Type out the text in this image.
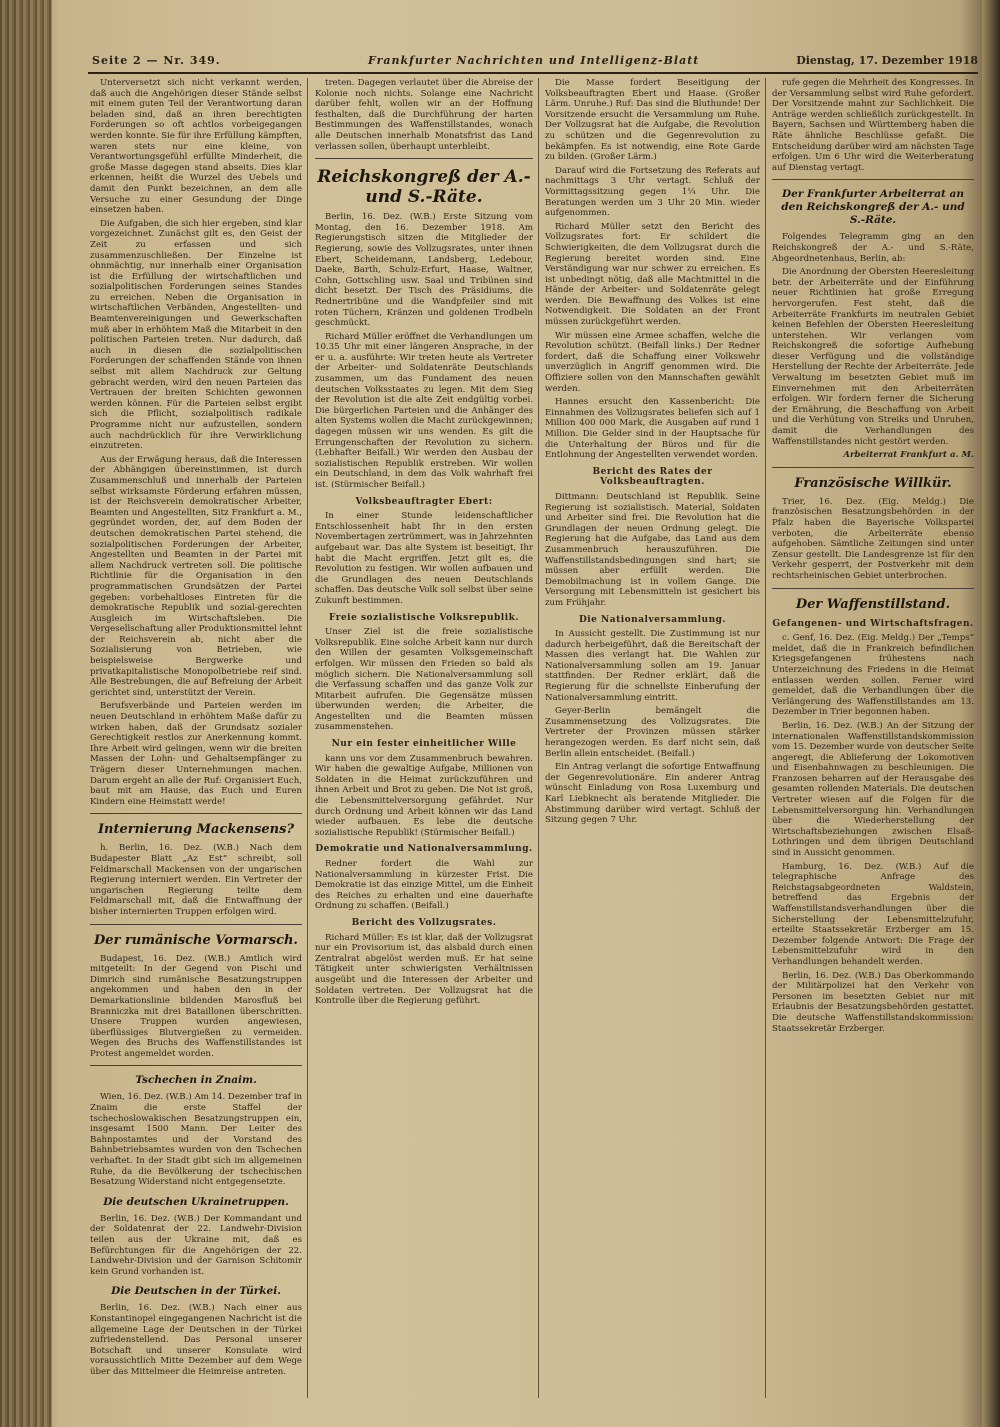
Seite 2 — Nr. 349.	Frankfurter Nachrichten und Intelligenz-Blatt	Dienstag, 17. Dezember 1918

Unterversetzt sich nicht verkannt werden, daß auch die Angehörigen dieser Stände selbst mit einem guten Teil der Verantwortung daran beladen sind, daß an ihren berechtigten Forderungen so oft achtlos vorbeigegangen werden konnte. Sie für ihre Erfüllung kämpften, waren stets nur eine kleine, von Verantwortungsgefühl erfüllte Minderheit, die große Masse dagegen stand abseits. Dies klar erkennen, heißt die Wurzel des Uebels und damit den Punkt bezeichnen, an dem alle Versuche zu einer Gesundung der Dinge einsetzen haben.

Die Aufgaben, die sich hier ergeben, sind klar vorgezeichnet. Zunächst gilt es, den Geist der Zeit zu erfassen und sich zusammenzuschließen. Der Einzelne ist ohnmächtig, nur innerhalb einer Organisation ist die Erfüllung der wirtschaftlichen und sozialpolitischen Forderungen seines Standes zu erreichen. Neben die Organisation in wirtschaftlichen Verbänden, Angestellten- und Beamtenvereinigungen und Gewerkschaften muß aber in erhöhtem Maß die Mitarbeit in den politischen Parteien treten. Nur dadurch, daß auch in diesen die sozialpolitischen Forderungen der schaffenden Stände von ihnen selbst mit allem Nachdruck zur Geltung gebracht werden, wird den neuen Parteien das Vertrauen der breiten Schichten gewonnen werden können. Für die Parteien selbst ergibt sich die Pflicht, sozialpolitisch radikale Programme nicht nur aufzustellen, sondern auch nachdrücklich für ihre Verwirklichung einzutreten.

Aus der Erwägung heraus, daß die Interessen der Abhängigen übereinstimmen, ist durch Zusammenschluß und innerhalb der Parteien selbst wirksamste Förderung erfahren müssen, ist der Reichsverein demokratischer Arbeiter, Beamten und Angestellten, Sitz Frankfurt a. M., gegründet worden, der, auf dem Boden der deutschen demokratischen Partei stehend, die sozialpolitischen Forderungen der Arbeiter, Angestellten und Beamten in der Partei mit allem Nachdruck vertreten soll. Die politische Richtlinie für die Organisation in den programmatischen Grundsätzen der Partei gegeben: vorbehaltloses Eintreten für die demokratische Republik und sozial-gerechten Ausgleich im Wirtschaftsleben. Die Vergesellschaftung aller Produktionsmittel lehnt der Reichsverein ab, nicht aber die Sozialisierung von Betrieben, wie beispielsweise Bergwerke und privatkapitalistische Monopolbetriebe reif sind. Alle Bestrebungen, die auf Befreiung der Arbeit gerichtet sind, unterstützt der Verein.

Berufsverbände und Parteien werden im neuen Deutschland in erhöhtem Maße dafür zu wirken haben, daß der Grundsatz sozialer Gerechtigkeit restlos zur Anerkennung kommt. Ihre Arbeit wird gelingen, wenn wir die breiten Massen der Lohn- und Gehaltsempfänger zu Trägern dieser Unternehmungen machen. Darum ergeht an alle der Ruf: Organisiert Euch, baut mit am Hause, das Euch und Euren Kindern eine Heimstatt werde!

Internierung Mackensens?

h. Berlin, 16. Dez. (W.B.) Nach dem Budapester Blatt „Az Est“ schreibt, soll Feldmarschall Mackensen von der ungarischen Regierung interniert werden. Ein Vertreter der ungarischen Regierung teilte dem Feldmarschall mit, daß die Entwaffnung der bisher internierten Truppen erfolgen wird.

Der rumänische Vormarsch.

Budapest, 16. Dez. (W.B.) Amtlich wird mitgeteilt: In der Gegend von Pischi und Dimrich sind rumänische Besatzungstruppen angekommen und haben den in der Demarkationslinie bildenden Marosfluß bei Branniczka mit drei Bataillonen überschritten. Unsere Truppen wurden angewiesen, überflüssiges Blutvergießen zu vermeiden. Wegen des Bruchs des Waffenstillstandes ist Protest angemeldet worden.

Tschechen in Znaim.

Wien, 16. Dez. (W.B.) Am 14. Dezember traf in Znaim die erste Staffel der tschechoslowakischen Besatzungstruppen ein, insgesamt 1500 Mann. Der Leiter des Bahnpostamtes und der Vorstand des Bahnbetriebsamtes wurden von den Tschechen verhaftet. In der Stadt gibt sich im allgemeinen Ruhe, da die Bevölkerung der tschechischen Besatzung Widerstand nicht entgegensetzte.

Die deutschen Ukrainetruppen.

Berlin, 16. Dez. (W.B.) Der Kommandant und der Soldatenrat der 22. Landwehr-Division teilen aus der Ukraine mit, daß es Befürchtungen für die Angehörigen der 22. Landwehr-Division und der Garnison Schitomir kein Grund vorhanden ist.

Die Deutschen in der Türkei.

Berlin, 16. Dez. (W.B.) Nach einer aus Konstantinopel eingegangenen Nachricht ist die allgemeine Lage der Deutschen in der Türkei zufriedenstellend. Das Personal unserer Botschaft und unserer Konsulate wird voraussichtlich Mitte Dezember auf dem Wege über das Mittelmeer die Heimreise antreten.

treten. Dagegen verlautet über die Abreise der Kolonie noch nichts. Solange eine Nachricht darüber fehlt, wollen wir an der Hoffnung festhalten, daß die Durchführung der harten Bestimmungen des Waffenstillstandes, wonach alle Deutschen innerhalb Monatsfrist das Land verlassen sollen, überhaupt unterbleibt.

Reichskongreß der A.- und S.-Räte.

Berlin, 16. Dez. (W.B.) Erste Sitzung vom Montag, den 16. Dezember 1918. Am Regierungstisch sitzen die Mitglieder der Regierung, sowie des Vollzugsrates, unter ihnen Ebert, Scheidemann, Landsberg, Ledebour, Daeke, Barth, Schulz-Erfurt, Haase, Waltner, Cohn, Gottschling usw. Saal und Tribünen sind dicht besetzt. Der Tisch des Präsidiums, die Rednertribüne und die Wandpfeiler sind mit roten Tüchern, Kränzen und goldenen Trodbeln geschmückt.

Richard Müller eröffnet die Verhandlungen um 10.35 Uhr mit einer längeren Ansprache, in der er u. a. ausführte: Wir treten heute als Vertreter der Arbeiter- und Soldatenräte Deutschlands zusammen, um das Fundament des neuen deutschen Volksstaates zu legen. Mit dem Sieg der Revolution ist die alte Zeit endgültig vorbei. Die bürgerlichen Parteien und die Anhänger des alten Systems wollen die Macht zurückgewinnen; dagegen müssen wir uns wenden. Es gilt die Errungenschaften der Revolution zu sichern. (Lebhafter Beifall.) Wir werden den Ausbau der sozialistischen Republik erstreben. Wir wollen ein Deutschland, in dem das Volk wahrhaft frei ist. (Stürmischer Beifall.)

Volksbeauftragter Ebert:

In einer Stunde leidenschaftlicher Entschlossenheit habt Ihr in den ersten Novembertagen zertrümmert, was in Jahrzehnten aufgebaut war. Das alte System ist beseitigt, Ihr habt die Macht ergriffen. Jetzt gilt es, die Revolution zu festigen. Wir wollen aufbauen und die Grundlagen des neuen Deutschlands schaffen. Das deutsche Volk soll selbst über seine Zukunft bestimmen.

Freie sozialistische Volksrepublik.

Unser Ziel ist die freie sozialistische Volksrepublik. Eine solche Arbeit kann nur durch den Willen der gesamten Volksgemeinschaft erfolgen. Wir müssen den Frieden so bald als möglich sichern. Die Nationalversammlung soll die Verfassung schaffen und das ganze Volk zur Mitarbeit aufrufen. Die Gegensätze müssen überwunden werden; die Arbeiter, die Angestellten und die Beamten müssen zusammenstehen.

Nur ein fester einheitlicher Wille

kann uns vor dem Zusammenbruch bewahren. Wir haben die gewaltige Aufgabe, Millionen von Soldaten in die Heimat zurückzuführen und ihnen Arbeit und Brot zu geben. Die Not ist groß, die Lebensmittelversorgung gefährdet. Nur durch Ordnung und Arbeit können wir das Land wieder aufbauen. Es lebe die deutsche sozialistische Republik! (Stürmischer Beifall.)

Demokratie und Nationalversammlung.

Redner fordert die Wahl zur Nationalversammlung in kürzester Frist. Die Demokratie ist das einzige Mittel, um die Einheit des Reiches zu erhalten und eine dauerhafte Ordnung zu schaffen. (Beifall.)

Bericht des Vollzugsrates.

Richard Müller: Es ist klar, daß der Vollzugsrat nur ein Provisorium ist, das alsbald durch einen Zentralrat abgelöst werden muß. Er hat seine Tätigkeit unter schwierigsten Verhältnissen ausgeübt und die Interessen der Arbeiter und Soldaten vertreten. Der Vollzugsrat hat die Kontrolle über die Regierung geführt.

Die Masse fordert Beseitigung der Volksbeauftragten Ebert und Haase. (Großer Lärm. Unruhe.) Ruf: Das sind die Bluthunde! Der Vorsitzende ersucht die Versammlung um Ruhe. Der Vollzugsrat hat die Aufgabe, die Revolution zu schützen und die Gegenrevolution zu bekämpfen. Es ist notwendig, eine Rote Garde zu bilden. (Großer Lärm.)

Darauf wird die Fortsetzung des Referats auf nachmittags 3 Uhr vertagt. Schluß der Vormittagssitzung gegen 1¼ Uhr. Die Beratungen werden um 3 Uhr 20 Min. wieder aufgenommen.

Richard Müller setzt den Bericht des Vollzugsrates fort: Er schildert die Schwierigkeiten, die dem Vollzugsrat durch die Regierung bereitet worden sind. Eine Verständigung war nur schwer zu erreichen. Es ist unbedingt nötig, daß alle Machtmittel in die Hände der Arbeiter- und Soldatenräte gelegt werden. Die Bewaffnung des Volkes ist eine Notwendigkeit. Die Soldaten an der Front müssen zurückgeführt werden.

Wir müssen eine Armee schaffen, welche die Revolution schützt. (Beifall links.) Der Redner fordert, daß die Schaffung einer Volkswehr unverzüglich in Angriff genommen wird. Die Offiziere sollen von den Mannschaften gewählt werden.

Hannes ersucht den Kassenbericht: Die Einnahmen des Vollzugsrates beliefen sich auf 1 Million 400 000 Mark, die Ausgaben auf rund 1 Million. Die Gelder sind in der Hauptsache für die Unterhaltung der Büros und für die Entlohnung der Angestellten verwendet worden.

Bericht des Rates der Volksbeauftragten.

Dittmann: Deutschland ist Republik. Seine Regierung ist sozialistisch. Material, Soldaten und Arbeiter sind frei. Die Revolution hat die Grundlagen der neuen Ordnung gelegt. Die Regierung hat die Aufgabe, das Land aus dem Zusammenbruch herauszuführen. Die Waffenstillstandsbedingungen sind hart; sie müssen aber erfüllt werden. Die Demobilmachung ist in vollem Gange. Die Versorgung mit Lebensmitteln ist gesichert bis zum Frühjahr.

Die Nationalversammlung.

In Aussicht gestellt. Die Zustimmung ist nur dadurch herbeigeführt, daß die Bereitschaft der Massen dies verlangt hat. Die Wahlen zur Nationalversammlung sollen am 19. Januar stattfinden. Der Redner erklärt, daß die Regierung für die schnellste Einberufung der Nationalversammlung eintritt.

Geyer-Berlin bemängelt die Zusammensetzung des Vollzugsrates. Die Vertreter der Provinzen müssen stärker herangezogen werden. Es darf nicht sein, daß Berlin allein entscheidet. (Beifall.)

Ein Antrag verlangt die sofortige Entwaffnung der Gegenrevolutionäre. Ein anderer Antrag wünscht Einladung von Rosa Luxemburg und Karl Liebknecht als beratende Mitglieder. Die Abstimmung darüber wird vertagt. Schluß der Sitzung gegen 7 Uhr.

rufe gegen die Mehrheit des Kongresses. In der Versammlung selbst wird Ruhe gefordert. Der Vorsitzende mahnt zur Sachlichkeit. Die Anträge werden schließlich zurückgestellt. In Bayern, Sachsen und Württemberg haben die Räte ähnliche Beschlüsse gefaßt. Die Entscheidung darüber wird am nächsten Tage erfolgen. Um 6 Uhr wird die Weiterberatung auf Dienstag vertagt.

Der Frankfurter Arbeiterrat an den Reichskongreß der A.- und S.-Räte.

Folgendes Telegramm ging an den Reichskongreß der A.- und S.-Räte, Abgeordnetenhaus, Berlin, ab:

Die Anordnung der Obersten Heeresleitung betr. der Arbeiterräte und der Einführung neuer Richtlinien hat große Erregung hervorgerufen. Fest steht, daß die Arbeiterräte Frankfurts im neutralen Gebiet keinen Befehlen der Obersten Heeresleitung unterstehen. Wir verlangen vom Reichskongreß die sofortige Aufhebung dieser Verfügung und die vollständige Herstellung der Rechte der Arbeiterräte. Jede Verwaltung im besetzten Gebiet muß im Einvernehmen mit den Arbeiterräten erfolgen. Wir fordern ferner die Sicherung der Ernährung, die Beschaffung von Arbeit und die Verhütung von Streiks und Unruhen, damit die Verhandlungen des Waffenstillstandes nicht gestört werden.

Arbeiterrat Frankfurt a. M.
Französische Willkür.

Trier, 16. Dez. (Eig. Meldg.) Die französischen Besatzungsbehörden in der Pfalz haben die Bayerische Volkspartei verboten, die Arbeiterräte ebenso aufgehoben. Sämtliche Zeitungen sind unter Zensur gestellt. Die Landesgrenze ist für den Verkehr gesperrt, der Postverkehr mit dem rechtsrheinischen Gebiet unterbrochen.

Der Waffenstillstand.
Gefangenen- und Wirtschaftsfragen.

c. Genf, 16. Dez. (Eig. Meldg.) Der „Temps“ meldet, daß die in Frankreich befindlichen Kriegsgefangenen frühestens nach Unterzeichnung des Friedens in die Heimat entlassen werden sollen. Ferner wird gemeldet, daß die Verhandlungen über die Verlängerung des Waffenstillstandes am 13. Dezember in Trier begonnen haben.

Berlin, 16. Dez. (W.B.) An der Sitzung der internationalen Waffenstillstandskommission vom 15. Dezember wurde von deutscher Seite angeregt, die Ablieferung der Lokomotiven und Eisenbahnwagen zu beschleunigen. Die Franzosen beharren auf der Herausgabe des gesamten rollenden Materials. Die deutschen Vertreter wiesen auf die Folgen für die Lebensmittelversorgung hin. Verhandlungen über die Wiederherstellung der Wirtschaftsbeziehungen zwischen Elsaß-Lothringen und dem übrigen Deutschland sind in Aussicht genommen.

Hamburg, 16. Dez. (W.B.) Auf die telegraphische Anfrage des Reichstagsabgeordneten Waldstein, betreffend das Ergebnis der Waffenstillstandsverhandlungen über die Sicherstellung der Lebensmittelzufuhr, erteilte Staatssekretär Erzberger am 15. Dezember folgende Antwort: Die Frage der Lebensmittelzufuhr wird in den Verhandlungen behandelt werden.

Berlin, 16. Dez. (W.B.) Das Oberkommando der Militärpolizei hat den Verkehr von Personen im besetzten Gebiet nur mit Erlaubnis der Besatzungsbehörden gestattet. Die deutsche Waffenstillstandskommission: Staatssekretär Erzberger.
